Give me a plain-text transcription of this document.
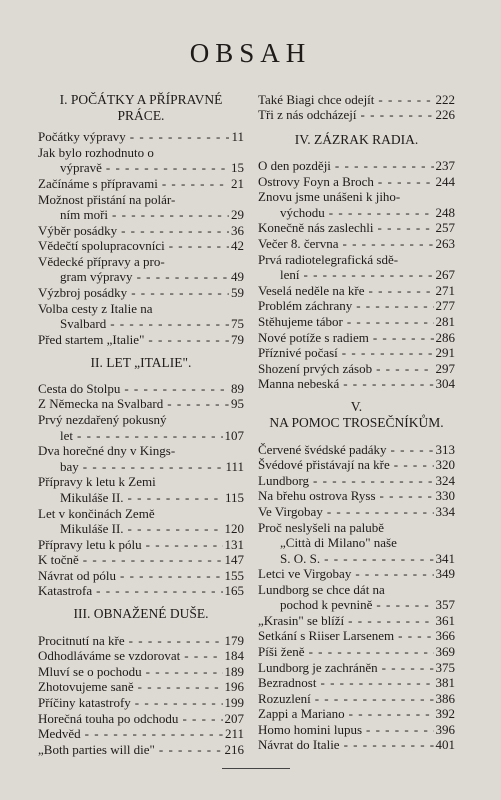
OBSAH
I. POČÁTKY A PŘÍPRAVNÉ
PRÁCE.
Počátky výpravy - - -	11
Jak bylo rozhodnuto o
výpravě - - -	15
Začínáme s přípravami - - -	21
Možnost přistání na polár-
ním moři - - -	29
Výběr posádky - - -	36
Vědečtí spolupracovníci - - -	42
Vědecké přípravy a pro-
gram výpravy - - -	49
Výzbroj posádky - - -	59
Volba cesty z Italie na
Svalbard - - -	75
Před startem „Italie" - - -	79
II. LET „ITALIE".
Cesta do Stolpu - - -	89
Z Německa na Svalbard - - -	95
Prvý nezdařený pokusný
let - - -	107
Dva horečné dny v Kings-
bay - - -	111
Přípravy k letu k Zemi
Mikuláše II. - - -	115
Let v končinách Země
Mikuláše II. - - -	120
Přípravy letu k pólu - - -	131
K točně - - -	147
Návrat od pólu - - -	155
Katastrofa - - -	165
III. OBNAŽENÉ DUŠE.
Procitnutí na kře - - -	179
Odhodláváme se vzdorovat - - -	184
Mluví se o pochodu - - -	189
Zhotovujeme saně - - -	196
Příčiny katastrofy - - -	199
Horečná touha po odchodu - - -	207
Medvěd - - -	211
„Both parties will die" - - -	216
Také Biagi chce odejít - - -	222
Tři z nás odcházejí - - -	226
IV. ZÁZRAK RADIA.
O den později - - -	237
Ostrovy Foyn a Broch - - -	244
Znovu jsme unášeni k jiho-
východu - - -	248
Konečně nás zaslechli - - -	257
Večer 8. června - - -	263
Prvá radiotelegrafická sdě-
lení - - -	267
Veselá neděle na kře - - -	271
Problém záchrany - - -	277
Stěhujeme tábor - - -	281
Nové potíže s radiem - - -	286
Příznivé počasí - - -	291
Shození prvých zásob - - -	297
Manna nebeská - - -	304
V.
NA POMOC TROSEČNÍKŮM.
Červené švédské padáky - - -	313
Švédové přistávají na kře - - -	320
Lundborg - - -	324
Na břehu ostrova Ryss - - -	330
Ve Virgobay - - -	334
Proč neslyšeli na palubě
„Città di Milano" naše
S. O. S. - - -	341
Letci ve Virgobay - - -	349
Lundborg se chce dát na
pochod k pevnině - - -	357
„Krasin" se blíží - - -	361
Setkání s Riiser Larsenem - - -	366
Píši ženě - - -	369
Lundborg je zachráněn - - -	375
Bezradnost - - -	381
Rozuzlení - - -	386
Zappi a Mariano - - -	392
Homo homini lupus - - -	396
Návrat do Italie - - -	401
